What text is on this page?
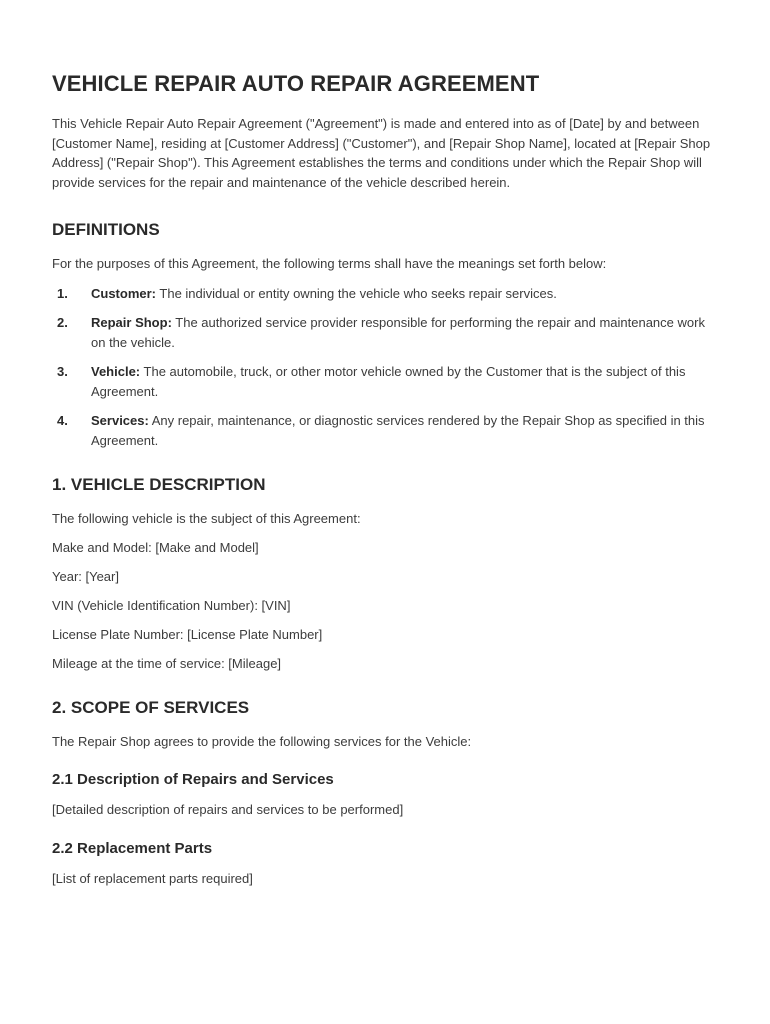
VEHICLE REPAIR AUTO REPAIR AGREEMENT

This Vehicle Repair Auto Repair Agreement ("Agreement") is made and entered into as of [Date] by and between [Customer Name], residing at [Customer Address] ("Customer"), and [Repair Shop Name], located at [Repair Shop Address] ("Repair Shop"). This Agreement establishes the terms and conditions under which the Repair Shop will provide services for the repair and maintenance of the vehicle described herein.

DEFINITIONS

For the purposes of this Agreement, the following terms shall have the meanings set forth below:

1. Customer: The individual or entity owning the vehicle who seeks repair services.
2. Repair Shop: The authorized service provider responsible for performing the repair and maintenance work on the vehicle.
3. Vehicle: The automobile, truck, or other motor vehicle owned by the Customer that is the subject of this Agreement.
4. Services: Any repair, maintenance, or diagnostic services rendered by the Repair Shop as specified in this Agreement.
1. VEHICLE DESCRIPTION

The following vehicle is the subject of this Agreement:

Make and Model: [Make and Model]

Year: [Year]

VIN (Vehicle Identification Number): [VIN]

License Plate Number: [License Plate Number]

Mileage at the time of service: [Mileage]

2. SCOPE OF SERVICES

The Repair Shop agrees to provide the following services for the Vehicle:

2.1 Description of Repairs and Services

[Detailed description of repairs and services to be performed]

2.2 Replacement Parts

[List of replacement parts required]
